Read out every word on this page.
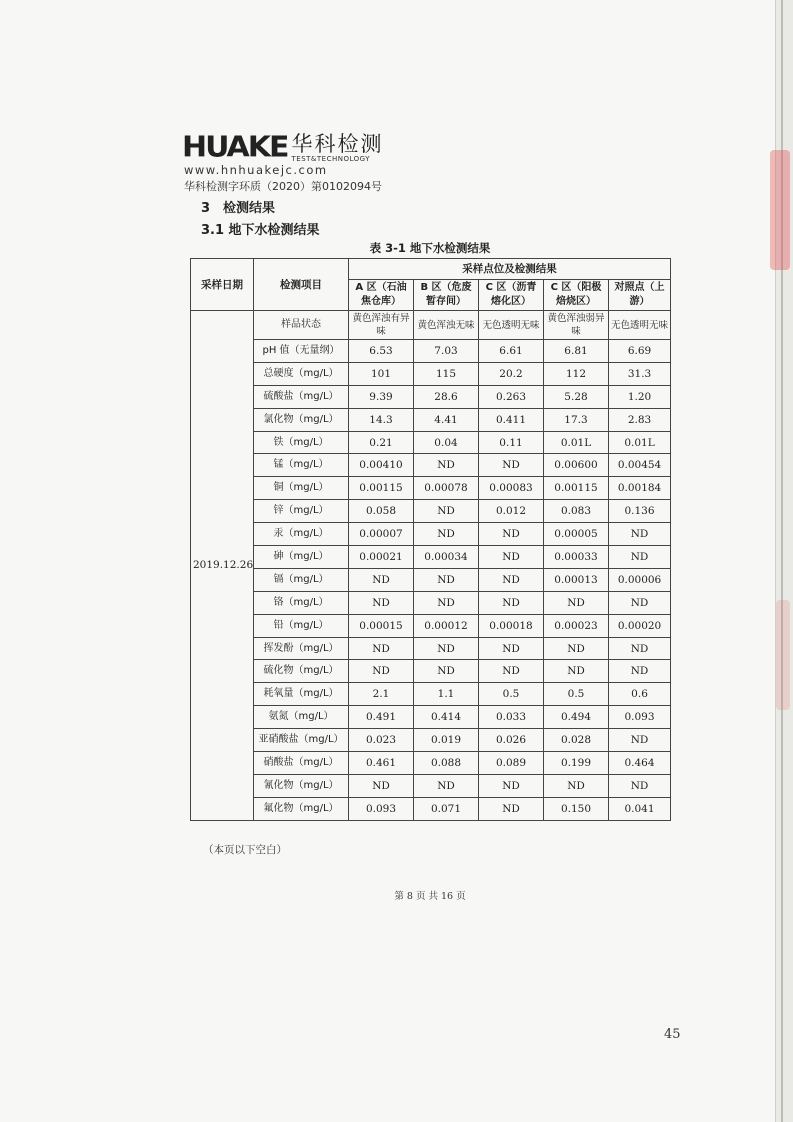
HUAKE 华科检测
TEST&TECHNOLOGY
www.hnhuakejc.com
华科检测字环质（2020）第0102094号
3　检测结果
3.1 地下水检测结果
表 3-1 地下水检测结果
采样日期	检测项目	采样点位及检测结果				
		A 区（石油焦仓库）	B 区（危废暂存间）	C 区（沥青熔化区）	C 区（阳极焙烧区）	对照点（上游）
2019.12.26	样品状态	黄色浑浊有异味	黄色浑浊无味	无色透明无味	黄色浑浊弱异味	无色透明无味
	pH 值（无量纲）	6.53	7.03	6.61	6.81	6.69
	总硬度（mg/L）	101	115	20.2	112	31.3
	硫酸盐（mg/L）	9.39	28.6	0.263	5.28	1.20
	氯化物（mg/L）	14.3	4.41	0.411	17.3	2.83
	铁（mg/L）	0.21	0.04	0.11	0.01L	0.01L
	锰（mg/L）	0.00410	ND	ND	0.00600	0.00454
	铜（mg/L）	0.00115	0.00078	0.00083	0.00115	0.00184
	锌（mg/L）	0.058	ND	0.012	0.083	0.136
	汞（mg/L）	0.00007	ND	ND	0.00005	ND
	砷（mg/L）	0.00021	0.00034	ND	0.00033	ND
	镉（mg/L）	ND	ND	ND	0.00013	0.00006
	铬（mg/L）	ND	ND	ND	ND	ND
	铅（mg/L）	0.00015	0.00012	0.00018	0.00023	0.00020
	挥发酚（mg/L）	ND	ND	ND	ND	ND
	硫化物（mg/L）	ND	ND	ND	ND	ND
	耗氧量（mg/L）	2.1	1.1	0.5	0.5	0.6
	氨氮（mg/L）	0.491	0.414	0.033	0.494	0.093
	亚硝酸盐（mg/L）	0.023	0.019	0.026	0.028	ND
	硝酸盐（mg/L）	0.461	0.088	0.089	0.199	0.464
	氰化物（mg/L）	ND	ND	ND	ND	ND
	氟化物（mg/L）	0.093	0.071	ND	0.150	0.041
（本页以下空白）
第 8 页 共 16 页
45
